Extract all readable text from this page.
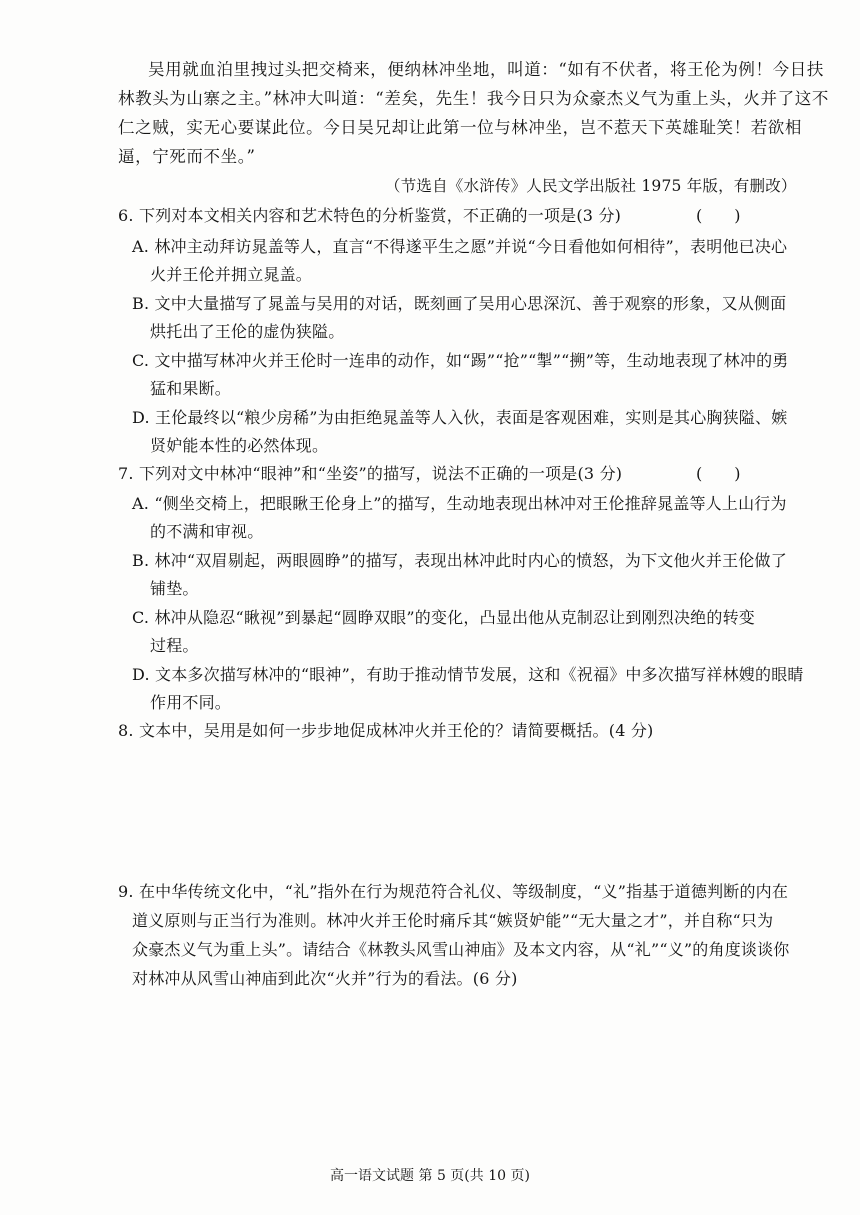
吴用就血泊里拽过头把交椅来，便纳林冲坐地，叫道：“如有不伏者，将王伦为例！今日扶
林教头为山寨之主。”林冲大叫道：“差矣，先生！我今日只为众豪杰义气为重上头，火并了这不
仁之贼，实无心要谋此位。今日吴兄却让此第一位与林冲坐，岂不惹天下英雄耻笑！若欲相
逼，宁死而不坐。”
（节选自《水浒传》人民文学出版社 1975 年版，有删改）
6. 下列对本文相关内容和艺术特色的分析鉴赏，不正确的一项是(3 分)	(　　)
A. 林冲主动拜访晁盖等人，直言“不得遂平生之愿”并说“今日看他如何相待”，表明他已决心
火并王伦并拥立晁盖。
B. 文中大量描写了晁盖与吴用的对话，既刻画了吴用心思深沉、善于观察的形象，又从侧面
烘托出了王伦的虚伪狭隘。
C. 文中描写林冲火并王伦时一连串的动作，如“踢”“抢”“掣”“搠”等，生动地表现了林冲的勇
猛和果断。
D. 王伦最终以“粮少房稀”为由拒绝晁盖等人入伙，表面是客观困难，实则是其心胸狭隘、嫉
贤妒能本性的必然体现。
7. 下列对文中林冲“眼神”和“坐姿”的描写，说法不正确的一项是(3 分)	(　　)
A. “侧坐交椅上，把眼瞅王伦身上”的描写，生动地表现出林冲对王伦推辞晁盖等人上山行为
的不满和审视。
B. 林冲“双眉剔起，两眼圆睁”的描写，表现出林冲此时内心的愤怒，为下文他火并王伦做了
铺垫。
C. 林冲从隐忍“瞅视”到暴起“圆睁双眼”的变化，凸显出他从克制忍让到刚烈决绝的转变
过程。
D. 文本多次描写林冲的“眼神”，有助于推动情节发展，这和《祝福》中多次描写祥林嫂的眼睛
作用不同。
8. 文本中，吴用是如何一步步地促成林冲火并王伦的？请简要概括。(4 分)
9. 在中华传统文化中，“礼”指外在行为规范符合礼仪、等级制度，“义”指基于道德判断的内在
道义原则与正当行为准则。林冲火并王伦时痛斥其“嫉贤妒能”“无大量之才”，并自称“只为
众豪杰义气为重上头”。请结合《林教头风雪山神庙》及本文内容，从“礼”“义”的角度谈谈你
对林冲从风雪山神庙到此次“火并”行为的看法。(6 分)
高一语文试题 第 5 页(共 10 页)
